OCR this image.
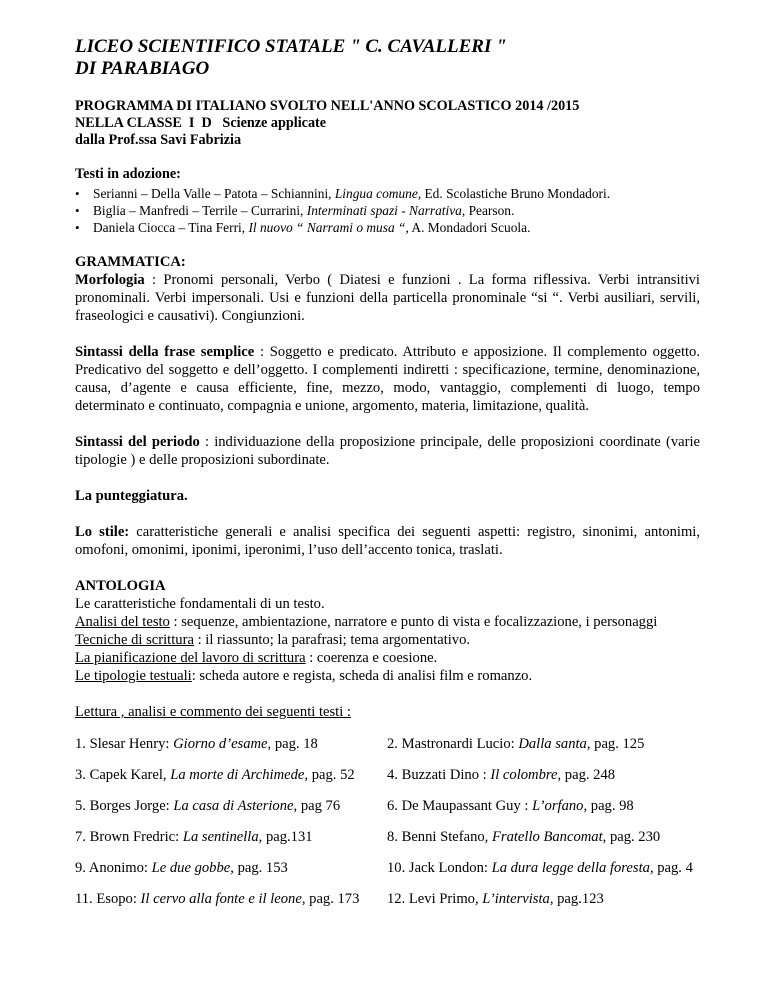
LICEO SCIENTIFICO STATALE " C. CAVALLERI "

DI PARABIAGO

PROGRAMMA DI ITALIANO SVOLTO NELL'ANNO SCOLASTICO 2014 /2015

NELLA CLASSE  I  D   Scienze applicate

dalla Prof.ssa Savi Fabrizia

Testi in adozione:

• Serianni – Della Valle – Patota – Schiannini, Lingua comune, Ed. Scolastiche Bruno Mondadori.
• Biglia – Manfredi – Terrile – Currarini, Interminati spazi - Narrativa, Pearson.
• Daniela Ciocca – Tina Ferri, Il nuovo “ Narrami o musa “, A. Mondadori Scuola.

GRAMMATICA:

Morfologia : Pronomi personali, Verbo ( Diatesi e funzioni . La forma riflessiva. Verbi intransitivi pronominali. Verbi impersonali. Usi e funzioni della particella pronominale “si “. Verbi ausiliari, servili, fraseologici e causativi). Congiunzioni.

Sintassi della frase semplice : Soggetto e predicato. Attributo e apposizione. Il complemento oggetto. Predicativo del soggetto e dell’oggetto. I complementi indiretti : specificazione, termine, denominazione, causa, d’agente e causa efficiente, fine, mezzo, modo, vantaggio, complementi di luogo, tempo determinato e continuato, compagnia e unione, argomento, materia, limitazione, qualità.

Sintassi del periodo : individuazione della proposizione principale, delle proposizioni coordinate (varie tipologie ) e delle proposizioni subordinate.

La punteggiatura.

Lo stile: caratteristiche generali e analisi specifica dei seguenti aspetti: registro, sinonimi, antonimi, omofoni, omonimi, iponimi, iperonimi, l’uso dell’accento tonica, traslati.

ANTOLOGIA

Le caratteristiche fondamentali di un testo.

Analisi del testo : sequenze, ambientazione, narratore e punto di vista e focalizzazione, i personaggi

Tecniche di scrittura : il riassunto; la parafrasi; tema argomentativo.

La pianificazione del lavoro di scrittura : coerenza e coesione.

Le tipologie testuali: scheda autore e regista, scheda di analisi film e romanzo.

Lettura , analisi e commento dei seguenti testi :

1. Slesar Henry: Giorno d’esame, pag. 18	2. Mastronardi Lucio: Dalla santa, pag. 125
3. Capek Karel, La morte di Archimede, pag. 52	4. Buzzati Dino : Il colombre, pag. 248
5. Borges Jorge: La casa di Asterione, pag 76	6. De Maupassant Guy : L’orfano, pag. 98
7. Brown Fredric: La sentinella, pag.131	8. Benni Stefano, Fratello Bancomat, pag. 230
9. Anonimo: Le due gobbe, pag. 153	10. Jack London: La dura legge della foresta, pag. 4
11. Esopo: Il cervo alla fonte e il leone, pag. 173	12. Levi Primo, L’intervista, pag.123
